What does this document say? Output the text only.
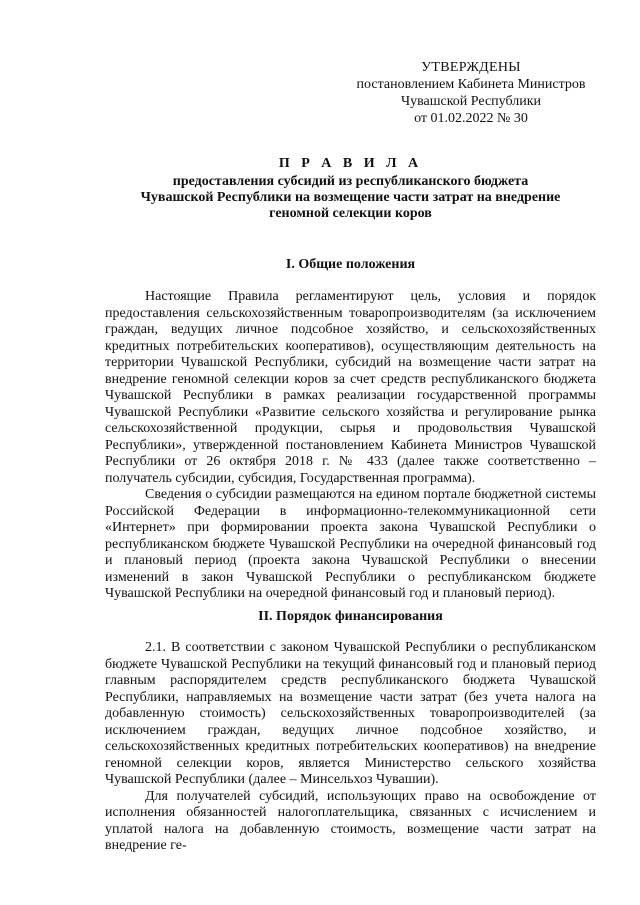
УТВЕРЖДЕНЫ
постановлением Кабинета Министров
Чувашской Республики
от 01.02.2022 № 30
П Р А В И Л А
предоставления субсидий из республиканского бюджета
Чувашской Республики на возмещение части затрат на внедрение
геномной селекции коров
I. Общие положения

Настоящие Правила регламентируют цель, условия и порядок предоставления сельскохозяйственным товаропроизводителям (за исключением граждан, ведущих личное подсобное хозяйство, и сельскохозяйственных кредитных потребительских кооперативов), осуществляющим деятельность на территории Чувашской Республики, субсидий на возмещение части затрат на внедрение геномной селекции коров за счет средств республиканского бюджета Чувашской Республики в рамках реализации государственной программы Чувашской Республики «Развитие сельского хозяйства и регулирование рынка сельскохозяйственной продукции, сырья и продовольствия Чувашской Республики», утвержденной постановлением Кабинета Министров Чувашской Республики от 26 октября 2018 г. № 433 (далее также соответственно – получатель субсидии, субсидия, Государственная программа).

Сведения о субсидии размещаются на едином портале бюджетной системы Российской Федерации в информационно-телекоммуникационной сети «Интернет» при формировании проекта закона Чувашской Республики о республиканском бюджете Чувашской Республики на очередной финансовый год и плановый период (проекта закона Чувашской Республики о внесении изменений в закон Чувашской Республики о республиканском бюджете Чувашской Республики на очередной финансовый год и плановый период).

II. Порядок финансирования

2.1. В соответствии с законом Чувашской Республики о республиканском бюджете Чувашской Республики на текущий финансовый год и плановый период главным распорядителем средств республиканского бюджета Чувашской Республики, направляемых на возмещение части затрат (без учета налога на добавленную стоимость) сельскохозяйственных товаропроизводителей (за исключением граждан, ведущих личное подсобное хозяйство, и сельскохозяйственных кредитных потребительских кооперативов) на внедрение геномной селекции коров, является Министерство сельского хозяйства Чувашской Республики (далее – Минсельхоз Чувашии).

Для получателей субсидий, использующих право на освобождение от исполнения обязанностей налогоплательщика, связанных с исчислением и уплатой налога на добавленную стоимость, возмещение части затрат на внедрение ге-
